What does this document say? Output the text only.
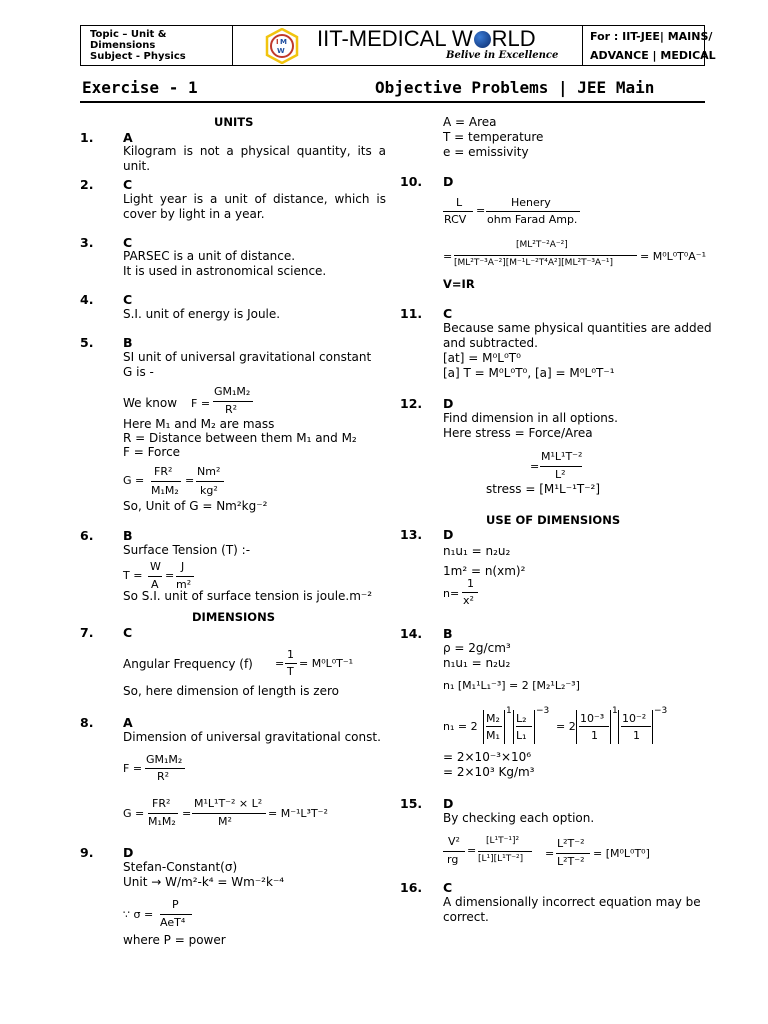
Topic – Unit & Dimensions
Subject - Physics
I M
W IIT-MEDICAL W RLD
Belive in Excellence
For : IIT-JEE| MAINS/
ADVANCE | MEDICAL
Exercise - 1	Objective Problems | JEE Main
UNITS
1. A
Kilogram is not a physical quantity, its a unit.
2. C
Light year is a unit of distance, which is cover by light in a year.
3. C
PARSEC is a unit of distance.
It is used in astronomical science.
4. C
S.I. unit of energy is Joule.
5. B
SI unit of universal gravitational constant
G is -
We know F =
GM₁M₂
R²
Here M₁ and M₂ are mass
R = Distance between them M₁ and M₂
F = Force
G =
FR²
M₁M₂
=
Nm²
kg²
So, Unit of G = Nm²kg⁻²
6. B
Surface Tension (T) :-
T =
W
A
=
J
m²
So S.I. unit of surface tension is joule.m⁻²
DIMENSIONS
7. C
Angular Frequency (f) =
1
T
= M⁰L⁰T⁻¹
So, here dimension of length is zero
8. A
Dimension of universal gravitational const.
F =
GM₁M₂
R²
G =
FR²
M₁M₂
=
M¹L¹T⁻² × L²
M²
= M⁻¹L³T⁻²
9. D
Stefan-Constant(σ)
Unit → W/m²-k⁴ = Wm⁻²k⁻⁴
∵ σ =
P
AeT⁴
where P = power
A = Area
T = temperature
e = emissivity
10. D
L
RCV
=
Henery
ohm Farad Amp.
=
[ML²T⁻²A⁻²]
[ML²T⁻³A⁻²][M⁻¹L⁻²T⁴A²][ML²T⁻³A⁻¹] = M⁰L⁰T⁰A⁻¹
V=IR
11. C
Because same physical quantities are added
and subtracted.
[at] = M⁰L⁰T⁰
[a] T = M⁰L⁰T⁰, [a] = M⁰L⁰T⁻¹
12. D
Find dimension in all options.
Here stress = Force/Area
=
M¹L¹T⁻²
L²
stress = [M¹L⁻¹T⁻²]
USE OF DIMENSIONS
13. D
n₁u₁ = n₂u₂
1m² = n(xm)²
n=
1
x²
14. B
ρ = 2g/cm³
n₁u₁ = n₂u₂
n₁ [M₁¹L₁⁻³] = 2 [M₂¹L₂⁻³]
n₁ = 2
M₂
M₁
1
L₂
L₁
−3
= 2
10⁻³
1
1
10⁻²
1
−3
= 2×10⁻³×10⁶
= 2×10³ Kg/m³
15. D
By checking each option.
V²
rg
=
[L¹T⁻¹]²
[L¹][L¹T⁻²] =
L²T⁻²
L²T⁻²
= [M⁰L⁰T⁰]
16. C
A dimensionally incorrect equation may be
correct.
